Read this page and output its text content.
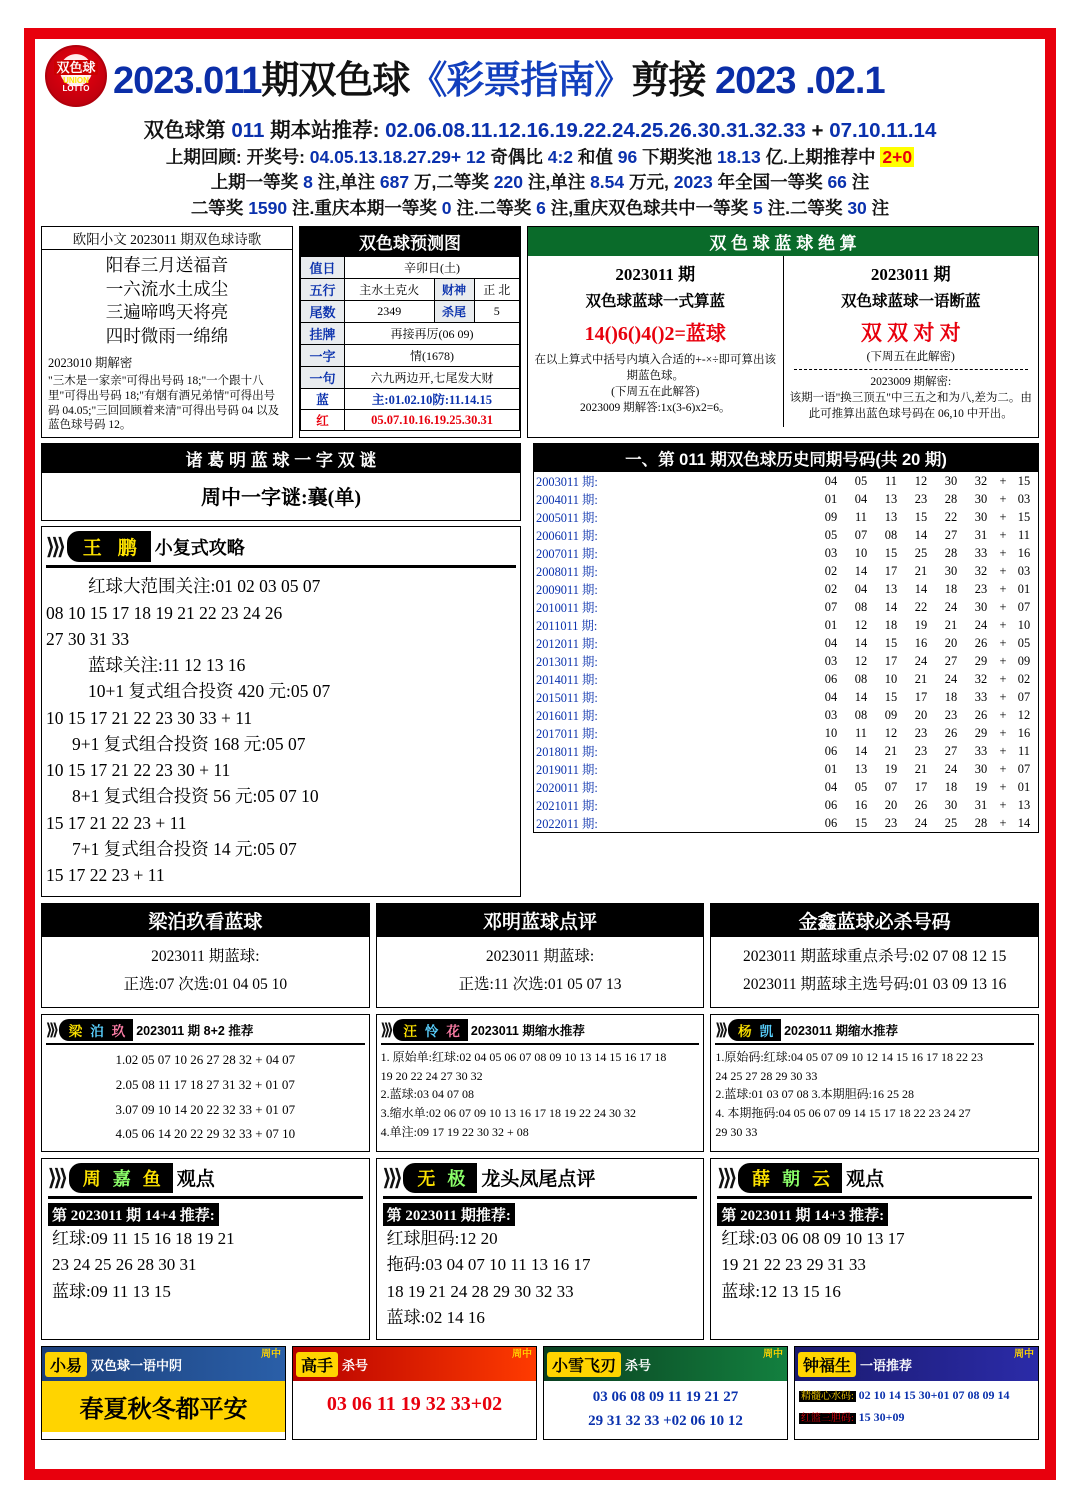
双色球
UNION
LOTTO 2023.011期双色球《彩票指南》剪接 2023 .02.1
双色球第 011 期本站推荐: 02.06.08.11.12.16.19.22.24.25.26.30.31.32.33 + 07.10.11.14
上期回顾: 开奖号: 04.05.13.18.27.29+ 12 奇偶比 4:2 和值 96 下期奖池 18.13 亿.上期推荐中 2+0
上期一等奖 8 注,单注 687 万,二等奖 220 注,单注 8.54 万元, 2023 年全国一等奖 66 注
二等奖 1590 注.重庆本期一等奖 0 注.二等奖 6 注,重庆双色球共中一等奖 5 注.二等奖 30 注
欧阳小文 2023011 期双色球诗歌
阳春三月送福音
一六流水土成尘
三遍啼鸣天将亮
四时微雨一绵绵
2023010 期解密
"三木是一家亲"可得出号码 18;"一个跟十八里"可得出号码 18;"有烟有酒兄弟情"可得出号码 04.05;"三回回顾着来清"可得出号码 04 以及蓝色球号码 12。
双色球预测图
值日	辛卯日(土)		
五行	主水土克火	财神	正 北
尾数	2349	杀尾	5
挂牌	再接再厉(06 09)		
一字	情(1678)		
一句	六九两边开,七尾发大财		
蓝	主:01.02.10防:11.14.15		
红	05.07.10.16.19.25.30.31		
双 色 球 蓝 球 绝 算
2023011 期
双色球蓝球一式算蓝
14()6()4()2=蓝球
在以上算式中括号内填入合适的+-×÷即可算出该期蓝色球。
(下周五在此解答)
2023009 期解答:1x(3-6)x2=6。
2023011 期
双色球蓝球一语断蓝
双 双 对 对
(下周五在此解密)
2023009 期解密:
该期一语"换三顶五"中三五之和为八,差为二。由此可推算出蓝色球号码在 06,10 中开出。
诸 葛 明 蓝 球 一 字 双 谜
周中一字谜:襄(单)
⟩⟩⟩ 王 鹏 小复式攻略
红球大范围关注:01 02 03 05 07
08 10 15 17 18 19 21 22 23 24 26
27 30 31 33
蓝球关注:11 12 13 16
10+1 复式组合投资 420 元:05 07
10 15 17 21 22 23 30 33 + 11
9+1 复式组合投资 168 元:05 07
10 15 17 21 22 23 30 + 11
8+1 复式组合投资 56 元:05 07 10
15 17 21 22 23 + 11
7+1 复式组合投资 14 元:05 07
15 17 22 23 + 11
一、第 011 期双色球历史同期号码(共 20 期)
2003011 期:	04	05	11	12	30	32	+	15
2004011 期:	01	04	13	23	28	30	+	03
2005011 期:	09	11	13	15	22	30	+	15
2006011 期:	05	07	08	14	27	31	+	11
2007011 期:	03	10	15	25	28	33	+	16
2008011 期:	02	14	17	21	30	32	+	03
2009011 期:	02	04	13	14	18	23	+	01
2010011 期:	07	08	14	22	24	30	+	07
2011011 期:	01	12	18	19	21	24	+	10
2012011 期:	04	14	15	16	20	26	+	05
2013011 期:	03	12	17	24	27	29	+	09
2014011 期:	06	08	10	21	24	32	+	02
2015011 期:	04	14	15	17	18	33	+	07
2016011 期:	03	08	09	20	23	26	+	12
2017011 期:	10	11	12	23	26	29	+	16
2018011 期:	06	14	21	23	27	33	+	11
2019011 期:	01	13	19	21	24	30	+	07
2020011 期:	04	05	07	17	18	19	+	01
2021011 期:	06	16	20	26	30	31	+	13
2022011 期:	06	15	23	24	25	28	+	14
梁泊玖看蓝球
2023011 期蓝球:
正选:07 次选:01 04 05 10
邓明蓝球点评
2023011 期蓝球:
正选:11 次选:01 05 07 13
金鑫蓝球必杀号码
2023011 期蓝球重点杀号:02 07 08 12 15
2023011 期蓝球主选号码:01 03 09 13 16
⟩⟩⟩ 梁 泊 玖 2023011 期 8+2 推荐
1.02 05 07 10 26 27 28 32 + 04 07
2.05 08 11 17 18 27 31 32 + 01 07
3.07 09 10 14 20 22 32 33 + 01 07
4.05 06 14 20 22 29 32 33 + 07 10
⟩⟩⟩ 汪 怜 花 2023011 期缩水推荐
1. 原始单:红球:02 04 05 06 07 08 09 10 13 14 15 16 17 18
19 20 22 24 27 30 32
2.蓝球:03 04 07 08
3.缩水单:02 06 07 09 10 13 16 17 18 19 22 24 30 32
4.单注:09 17 19 22 30 32 + 08
⟩⟩⟩ 杨 凯 2023011 期缩水推荐
1.原始码:红球:04 05 07 09 10 12 14 15 16 17 18 22 23
24 25 27 28 29 30 33
2.蓝球:01 03 07 08 3.本期胆码:16 25 28
4. 本期拖码:04 05 06 07 09 14 15 17 18 22 23 24 27
29 30 33
⟩⟩⟩ 周 嘉 鱼 观点
第 2023011 期 14+4 推荐:
红球:09 11 15 16 18 19 21
23 24 25 26 28 30 31
蓝球:09 11 13 15
⟩⟩⟩ 无 极 龙头凤尾点评
第 2023011 期推荐:
红球胆码:12 20
拖码:03 04 07 10 11 13 16 17
18 19 21 24 28 29 30 32 33
蓝球:02 14 16
⟩⟩⟩ 薛 朝 云 观点
第 2023011 期 14+3 推荐:
红球:03 06 08 09 10 13 17
19 21 22 23 29 31 33
蓝球:12 13 15 16
小易 双色球一语中阴
周中
春夏秋冬都平安
高手 杀号
周中
03 06 11 19 32 33+02
小雪飞刃 杀号
周中
03 06 08 09 11 19 21 27
29 31 32 33 +02 06 10 12
钟福生 一语推荐
周中
精髓心水码: 02 10 14 15 30+01 07 08 09 14
红篮三胆码: 15 30+09
